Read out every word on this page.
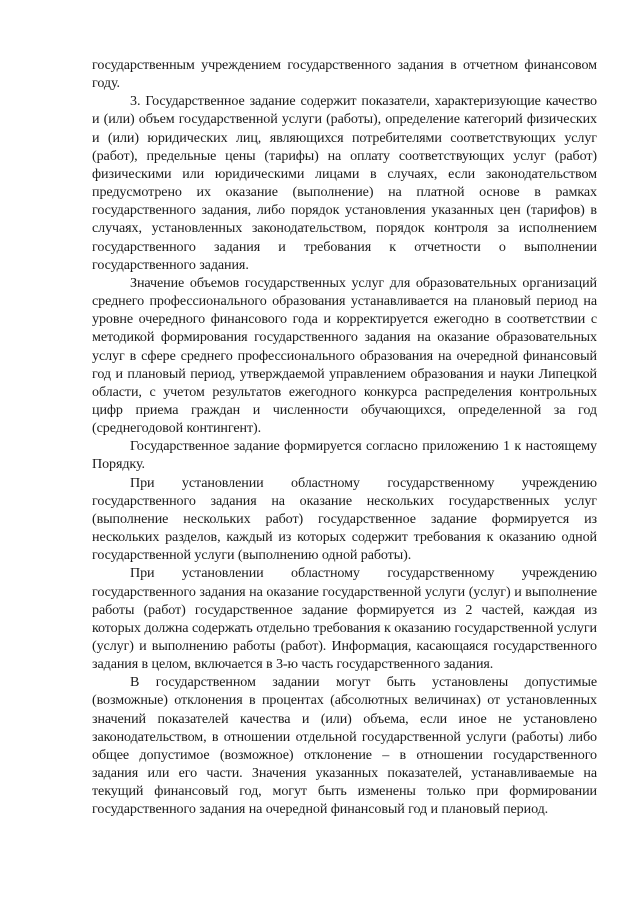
государственным учреждением государственного задания в отчетном финансовом году.

3. Государственное задание содержит показатели, характеризующие качество и (или) объем государственной услуги (работы), определение категорий физических и (или) юридических лиц, являющихся потребителями соответствующих услуг (работ), предельные цены (тарифы) на оплату соответствующих услуг (работ) физическими или юридическими лицами в случаях, если законодательством предусмотрено их оказание (выполнение) на платной основе в рамках государственного задания, либо порядок установления указанных цен (тарифов) в случаях, установленных законодательством, порядок контроля за исполнением государственного задания и требования к отчетности о выполнении государственного задания.

Значение объемов государственных услуг для образовательных организаций среднего профессионального образования устанавливается на плановый период на уровне очередного финансового года и корректируется ежегодно в соответствии с методикой формирования государственного задания на оказание образовательных услуг в сфере среднего профессионального образования на очередной финансовый год и плановый период, утверждаемой управлением образования и науки Липецкой области, с учетом результатов ежегодного конкурса распределения контрольных цифр приема граждан и численности обучающихся, определенной за год (среднегодовой контингент).

Государственное задание формируется согласно приложению 1 к настоящему Порядку.

При установлении областному государственному учреждению государственного задания на оказание нескольких государственных услуг (выполнение нескольких работ) государственное задание формируется из нескольких разделов, каждый из которых содержит требования к оказанию одной государственной услуги (выполнению одной работы).

При установлении областному государственному учреждению государственного задания на оказание государственной услуги (услуг) и выполнение работы (работ) государственное задание формируется из 2 частей, каждая из которых должна содержать отдельно требования к оказанию государственной услуги (услуг) и выполнению работы (работ). Информация, касающаяся государственного задания в целом, включается в 3-ю часть государственного задания.

В государственном задании могут быть установлены допустимые (возможные) отклонения в процентах (абсолютных величинах) от установленных значений показателей качества и (или) объема, если иное не установлено законодательством, в отношении отдельной государственной услуги (работы) либо общее допустимое (возможное) отклонение – в отношении государственного задания или его части. Значения указанных показателей, устанавливаемые на текущий финансовый год, могут быть изменены только при формировании государственного задания на очередной финансовый год и плановый период.
